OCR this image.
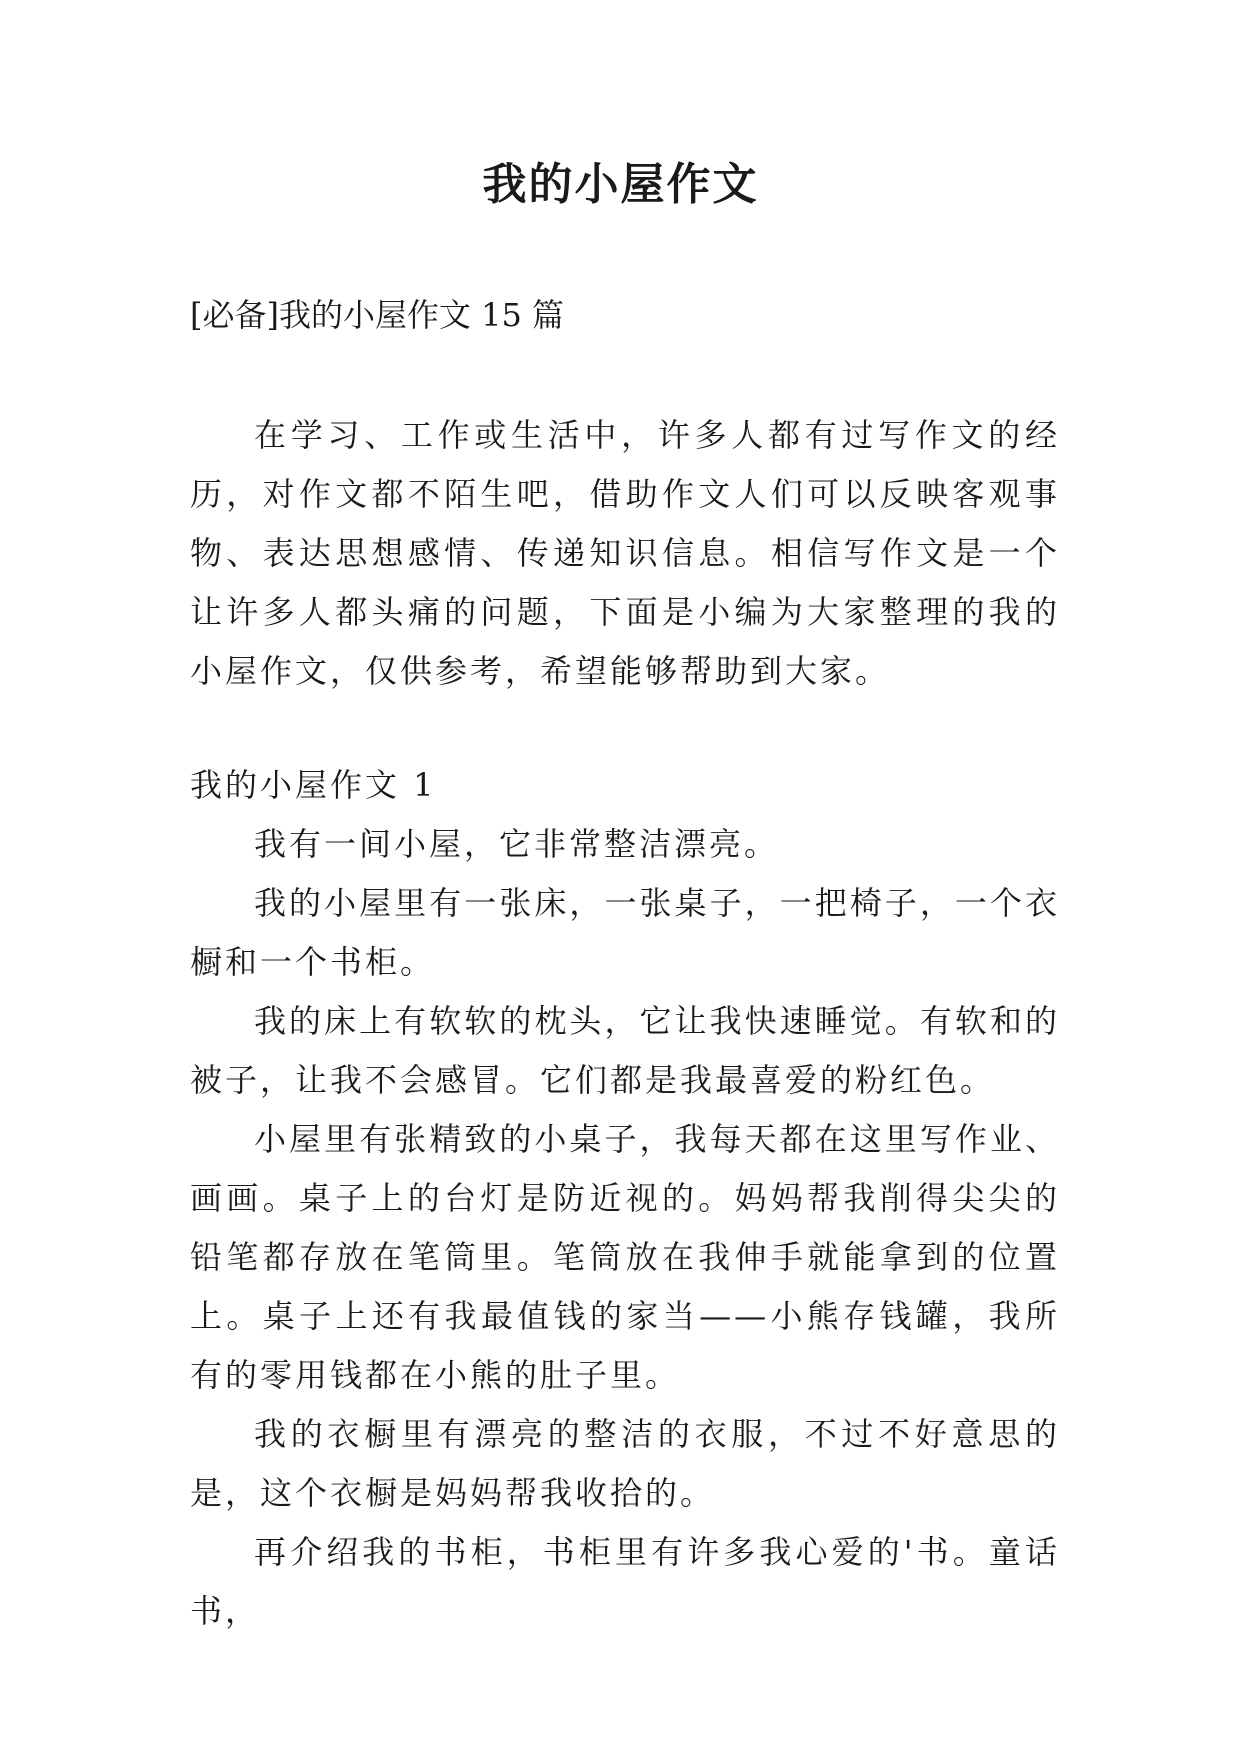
我的小屋作文

[必备]我的小屋作文 15 篇

在学习、工作或生活中，许多人都有过写作文的经历，对作文都不陌生吧，借助作文人们可以反映客观事物、表达思想感情、传递知识信息。相信写作文是一个让许多人都头痛的问题，下面是小编为大家整理的我的小屋作文，仅供参考，希望能够帮助到大家。

我的小屋作文 1

我有一间小屋，它非常整洁漂亮。

我的小屋里有一张床，一张桌子，一把椅子，一个衣橱和一个书柜。

我的床上有软软的枕头，它让我快速睡觉。有软和的被子，让我不会感冒。它们都是我最喜爱的粉红色。

小屋里有张精致的小桌子，我每天都在这里写作业、画画。桌子上的台灯是防近视的。妈妈帮我削得尖尖的铅笔都存放在笔筒里。笔筒放在我伸手就能拿到的位置上。桌子上还有我最值钱的家当——小熊存钱罐，我所有的零用钱都在小熊的肚子里。

我的衣橱里有漂亮的整洁的衣服，不过不好意思的是，这个衣橱是妈妈帮我收拾的。

再介绍我的书柜，书柜里有许多我心爱的'书。童话书，
